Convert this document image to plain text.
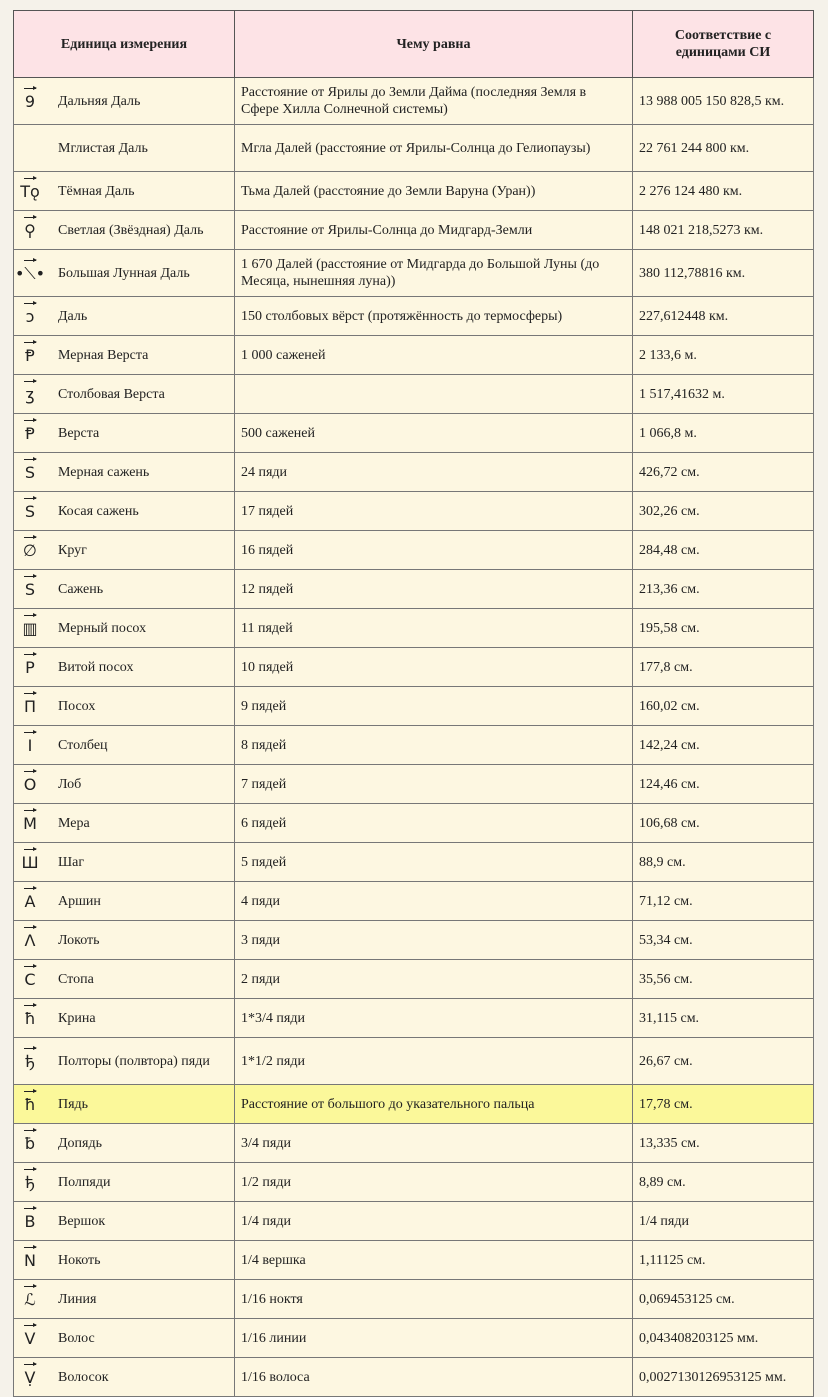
Единица измерения	Чему равна	Соответствие с единицами СИ

9 Дальняя Даль	Расстояние от Ярилы до Земли Дайма (последняя Земля в Сфере Хилла Солнечной системы)	13 988 005 150 828,5 км.

Мглистая Даль	Мгла Далей (расстояние от Ярилы-Солнца до Гелиопаузы)	22 761 244 800 км.

Tǫ Тёмная Даль	Тьма Далей (расстояние до Земли Варуна (Уран))	2 276 124 480 км.

⚲ Светлая (Звёздная) Даль	Расстояние от Ярилы-Солнца до Мидгард-Земли	148 021 218,5273 км.

•⟍• Большая Лунная Даль	1 670 Далей (расстояние от Мидгарда до Большой Луны (до Месяца, нынешняя луна))	380 112,78816 км.

ᴐ Даль	150 столбовых вёрст (протяжённость до термосферы)	227,612448 км.

Ᵽ Мерная Верста	1 000 саженей	2 133,6 м.

ʒ Столбовая Верста		1 517,41632 м.

Ᵽ Верста	500 саженей	1 066,8 м.

S Мерная сажень	24 пяди	426,72 см.

S Косая сажень	17 пядей	302,26 см.

∅ Круг	16 пядей	284,48 см.

S Сажень	12 пядей	213,36 см.

▥ Мерный посох	11 пядей	195,58 см.

P Витой посох	10 пядей	177,8 см.

П Посох	9 пядей	160,02 см.

I Столбец	8 пядей	142,24 см.

O Лоб	7 пядей	124,46 см.

M Мера	6 пядей	106,68 см.

Ш Шаг	5 пядей	88,9 см.

A Аршин	4 пяди	71,12 см.

Λ Локоть	3 пяди	53,34 см.

C Стопа	2 пяди	35,56 см.

ħ Крина	1*3/4 пяди	31,115 см.

ђ Полторы (полвтора) пяди	1*1/2 пяди	26,67 см.

ħ Пядь	Расстояние от большого до указательного пальца	17,78 см.

ƀ Допядь	3/4 пяди	13,335 см.

ђ Полпяди	1/2 пяди	8,89 см.

B Вершок	1/4 пяди	1/4 пяди

N Нокоть	1/4 вершка	1,11125 см.

ℒ Линия	1/16 ноктя	0,069453125 см.

V Волос	1/16 линии	0,043408203125 мм.

Ṿ Волосок	1/16 волоса	0,0027130126953125 мм.
